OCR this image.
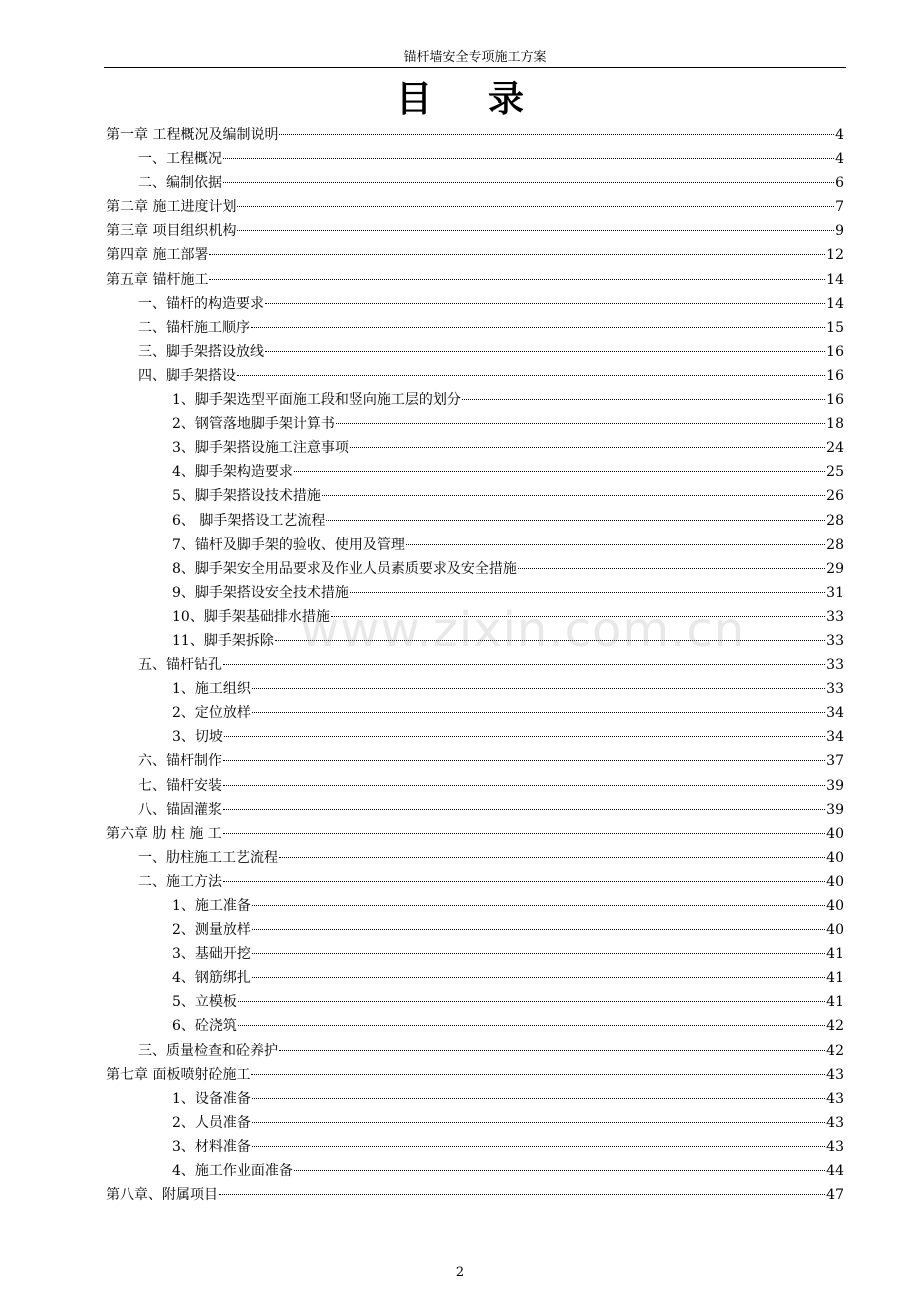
锚杆墙安全专项施工方案
目录
第一章 工程概况及编制说明	4
一、工程概况	4
二、编制依据	6
第二章 施工进度计划	7
第三章 项目组织机构	9
第四章 施工部署	12
第五章 锚杆施工	14
一、锚杆的构造要求	14
二、锚杆施工顺序	15
三、脚手架搭设放线	16
四、脚手架搭设	16
1、脚手架选型平面施工段和竖向施工层的划分	16
2、钢管落地脚手架计算书	18
3、脚手架搭设施工注意事项	24
4、脚手架构造要求	25
5、脚手架搭设技术措施	26
6、 脚手架搭设工艺流程	28
7、锚杆及脚手架的验收、使用及管理	28
8、脚手架安全用品要求及作业人员素质要求及安全措施	29
9、脚手架搭设安全技术措施	31
10、脚手架基础排水措施	33
11、脚手架拆除	33
五、锚杆钻孔	33
1、施工组织	33
2、定位放样	34
3、切坡	34
六、锚杆制作	37
七、锚杆安装	39
八、锚固灌浆	39
第六章 肋 柱 施 工	40
一、肋柱施工工艺流程	40
二、施工方法	40
1、施工准备	40
2、测量放样	40
3、基础开挖	41
4、钢筋绑扎	41
5、立模板	41
6、砼浇筑	42
三、质量检查和砼养护	42
第七章 面板喷射砼施工	43
1、设备准备	43
2、人员准备	43
3、材料准备	43
4、施工作业面准备	44
第八章、附属项目	47
www.zixin.com.cn
2
